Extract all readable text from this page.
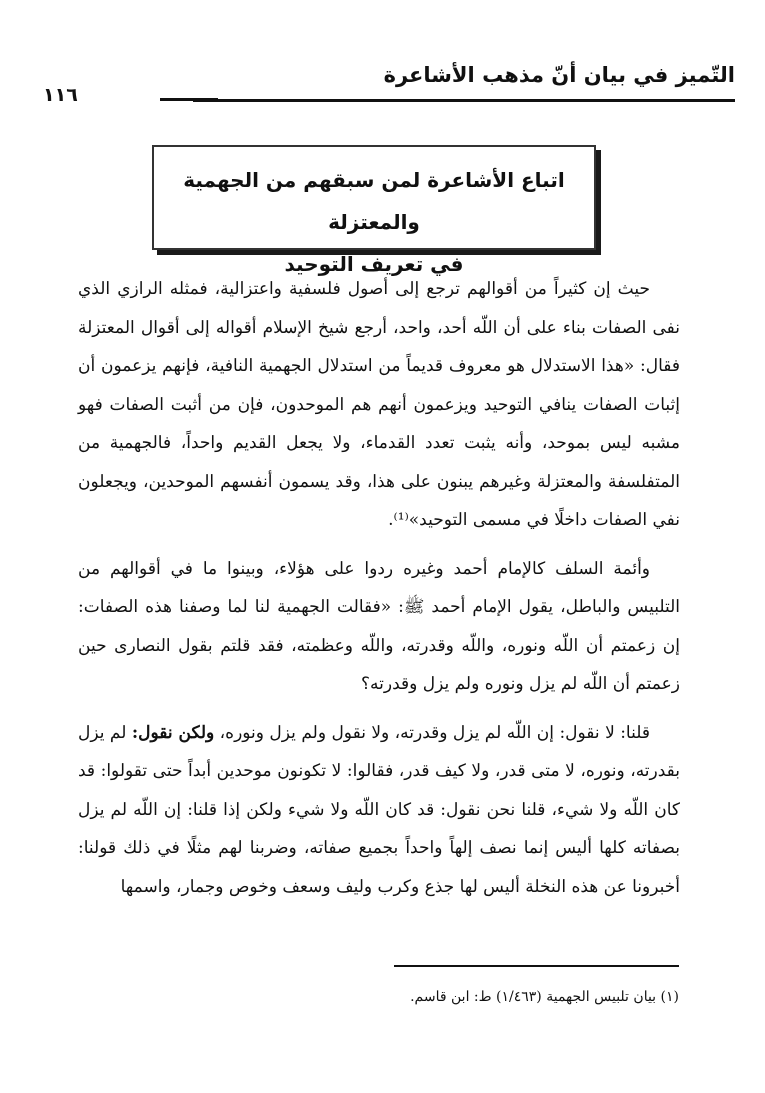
التّميز في بيان أنّ مذهب الأشاعرة
١١٦
اتباع الأشاعرة لمن سبقهم من الجهمية والمعتزلة
في تعريف التوحيد

حيث إن كثيراً من أقوالهم ترجع إلى أصول فلسفية واعتزالية، فمثله الرازي الذي نفى الصفات بناء على أن اللّه أحد، واحد، أرجع شيخ الإسلام أقواله إلى أقوال المعتزلة فقال: «هذا الاستدلال هو معروف قديماً من استدلال الجهمية النافية، فإنهم يزعمون أن إثبات الصفات ينافي التوحيد ويزعمون أنهم هم الموحدون، فإن من أثبت الصفات فهو مشبه ليس بموحد، وأنه يثبت تعدد القدماء، ولا يجعل القديم واحداً، فالجهمية من المتفلسفة والمعتزلة وغيرهم يبنون على هذا، وقد يسمون أنفسهم الموحدين، ويجعلون نفي الصفات داخلًا في مسمى التوحيد»⁽¹⁾.

وأئمة السلف كالإمام أحمد وغيره ردوا على هؤلاء، وبينوا ما في أقوالهم من التلبيس والباطل، يقول الإمام أحمد ﷺ: «فقالت الجهمية لنا لما وصفنا هذه الصفات: إن زعمتم أن اللّه ونوره، واللّه وقدرته، واللّه وعظمته، فقد قلتم بقول النصارى حين زعمتم أن اللّه لم يزل ونوره ولم يزل وقدرته؟

قلنا: لا نقول: إن اللّه لم يزل وقدرته، ولا نقول ولم يزل ونوره، ولكن نقول: لم يزل بقدرته، ونوره، لا متى قدر، ولا كيف قدر، فقالوا: لا تكونون موحدين أبداً حتى تقولوا: قد كان اللّه ولا شيء، قلنا نحن نقول: قد كان اللّه ولا شيء ولكن إذا قلنا: إن اللّه لم يزل بصفاته كلها أليس إنما نصف إلهاً واحداً بجميع صفاته، وضربنا لهم مثلًا في ذلك قولنا: أخبرونا عن هذه النخلة أليس لها جذع وكرب وليف وسعف وخوص وجمار، واسمها

(١) بيان تلبيس الجهمية (١/٤٦٣) ط: ابن قاسم.
